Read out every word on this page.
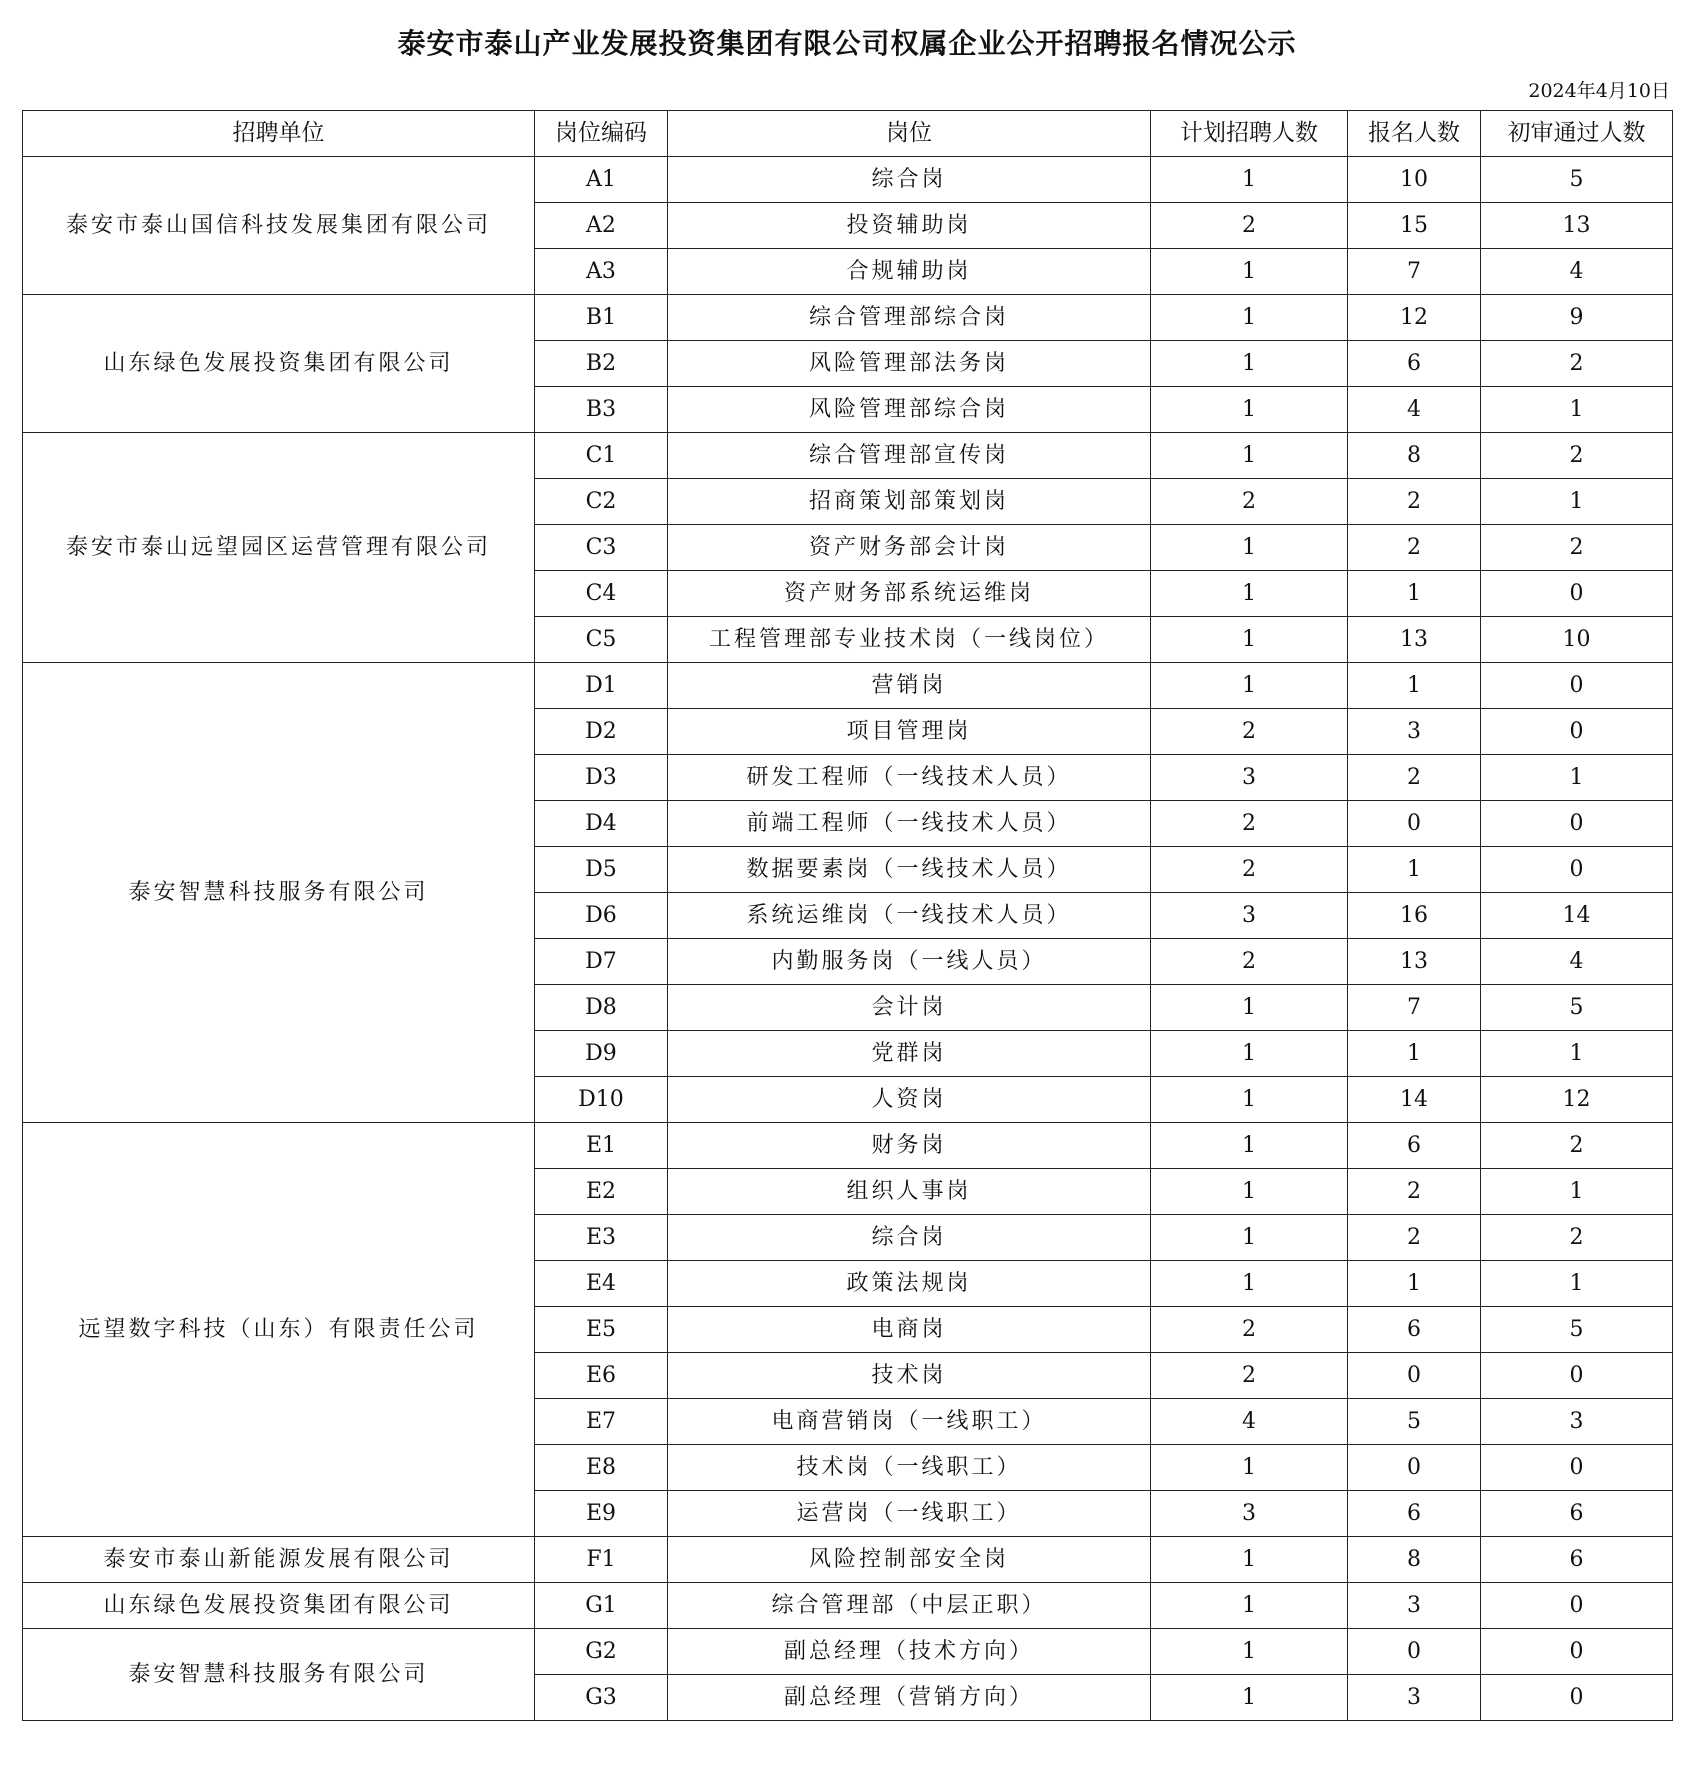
泰安市泰山产业发展投资集团有限公司权属企业公开招聘报名情况公示
2024年4月10日
招聘单位	岗位编码	岗位	计划招聘人数	报名人数	初审通过人数
泰安市泰山国信科技发展集团有限公司	A1	综合岗	1	10	5
	A2	投资辅助岗	2	15	13
	A3	合规辅助岗	1	7	4
山东绿色发展投资集团有限公司	B1	综合管理部综合岗	1	12	9
	B2	风险管理部法务岗	1	6	2
	B3	风险管理部综合岗	1	4	1
泰安市泰山远望园区运营管理有限公司	C1	综合管理部宣传岗	1	8	2
	C2	招商策划部策划岗	2	2	1
	C3	资产财务部会计岗	1	2	2
	C4	资产财务部系统运维岗	1	1	0
	C5	工程管理部专业技术岗（一线岗位）	1	13	10
泰安智慧科技服务有限公司	D1	营销岗	1	1	0
	D2	项目管理岗	2	3	0
	D3	研发工程师（一线技术人员）	3	2	1
	D4	前端工程师（一线技术人员）	2	0	0
	D5	数据要素岗（一线技术人员）	2	1	0
	D6	系统运维岗（一线技术人员）	3	16	14
	D7	内勤服务岗（一线人员）	2	13	4
	D8	会计岗	1	7	5
	D9	党群岗	1	1	1
	D10	人资岗	1	14	12
远望数字科技（山东）有限责任公司	E1	财务岗	1	6	2
	E2	组织人事岗	1	2	1
	E3	综合岗	1	2	2
	E4	政策法规岗	1	1	1
	E5	电商岗	2	6	5
	E6	技术岗	2	0	0
	E7	电商营销岗（一线职工）	4	5	3
	E8	技术岗（一线职工）	1	0	0
	E9	运营岗（一线职工）	3	6	6
泰安市泰山新能源发展有限公司	F1	风险控制部安全岗	1	8	6
山东绿色发展投资集团有限公司	G1	综合管理部（中层正职）	1	3	0
泰安智慧科技服务有限公司	G2	副总经理（技术方向）	1	0	0
	G3	副总经理（营销方向）	1	3	0
